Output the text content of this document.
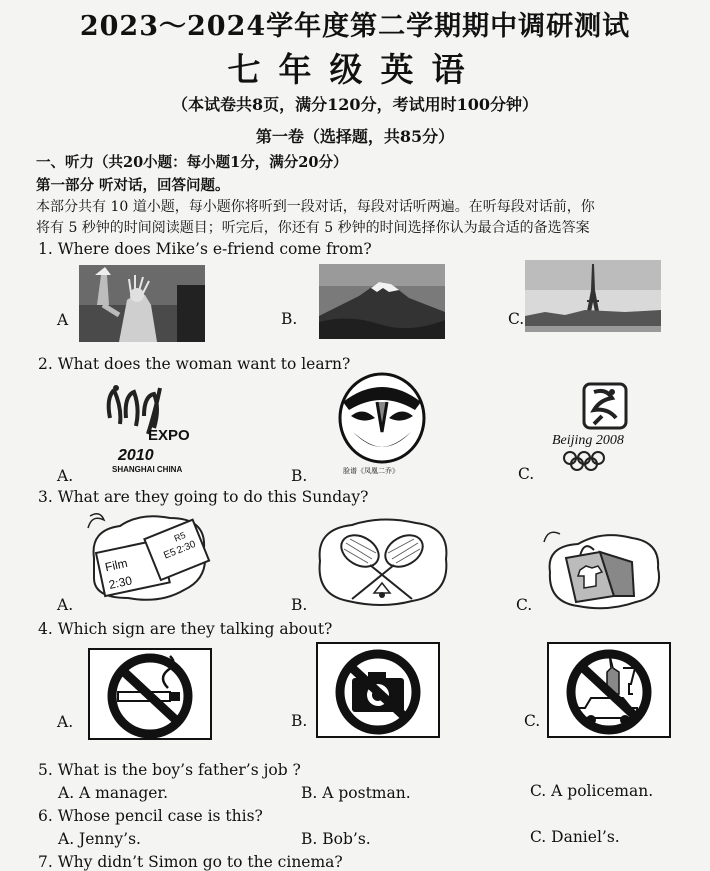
2023～2024学年度第二学期期中调研测试
七年级英语
（本试卷共8页，满分120分，考试用时100分钟）
第一卷（选择题，共85分）
一、听力（共20小题：每小题1分，满分20分）
第一部分 听对话，回答问题。
本部分共有 10 道小题，每小题你将听到一段对话，每段对话听两遍。在听每段对话前，你
将有 5 秒钟的时间阅读题目；听完后，你还有 5 秒钟的时间选择你认为最合适的备选答案
1. Where does Mike’s e-friend come from?
A	B.	C.
2. What does the woman want to learn?
A.
EXPO
2010
SHANGHAI CHINA	B.	脸谱《凤凰二乔》	C.
Beijing 2008
3. What are they going to do this Sunday?
A.
Film
2:30
R5
E5
2:30
B.	C.
4. Which sign are they talking about?
A.	B.	C.
5. What is the boy’s father’s job ?
A. A manager.	B. A postman.	C. A policeman.
6. Whose pencil case is this?
A. Jenny’s.	B. Bob’s.	C. Daniel’s.
7. Why didn’t Simon go to the cinema?
